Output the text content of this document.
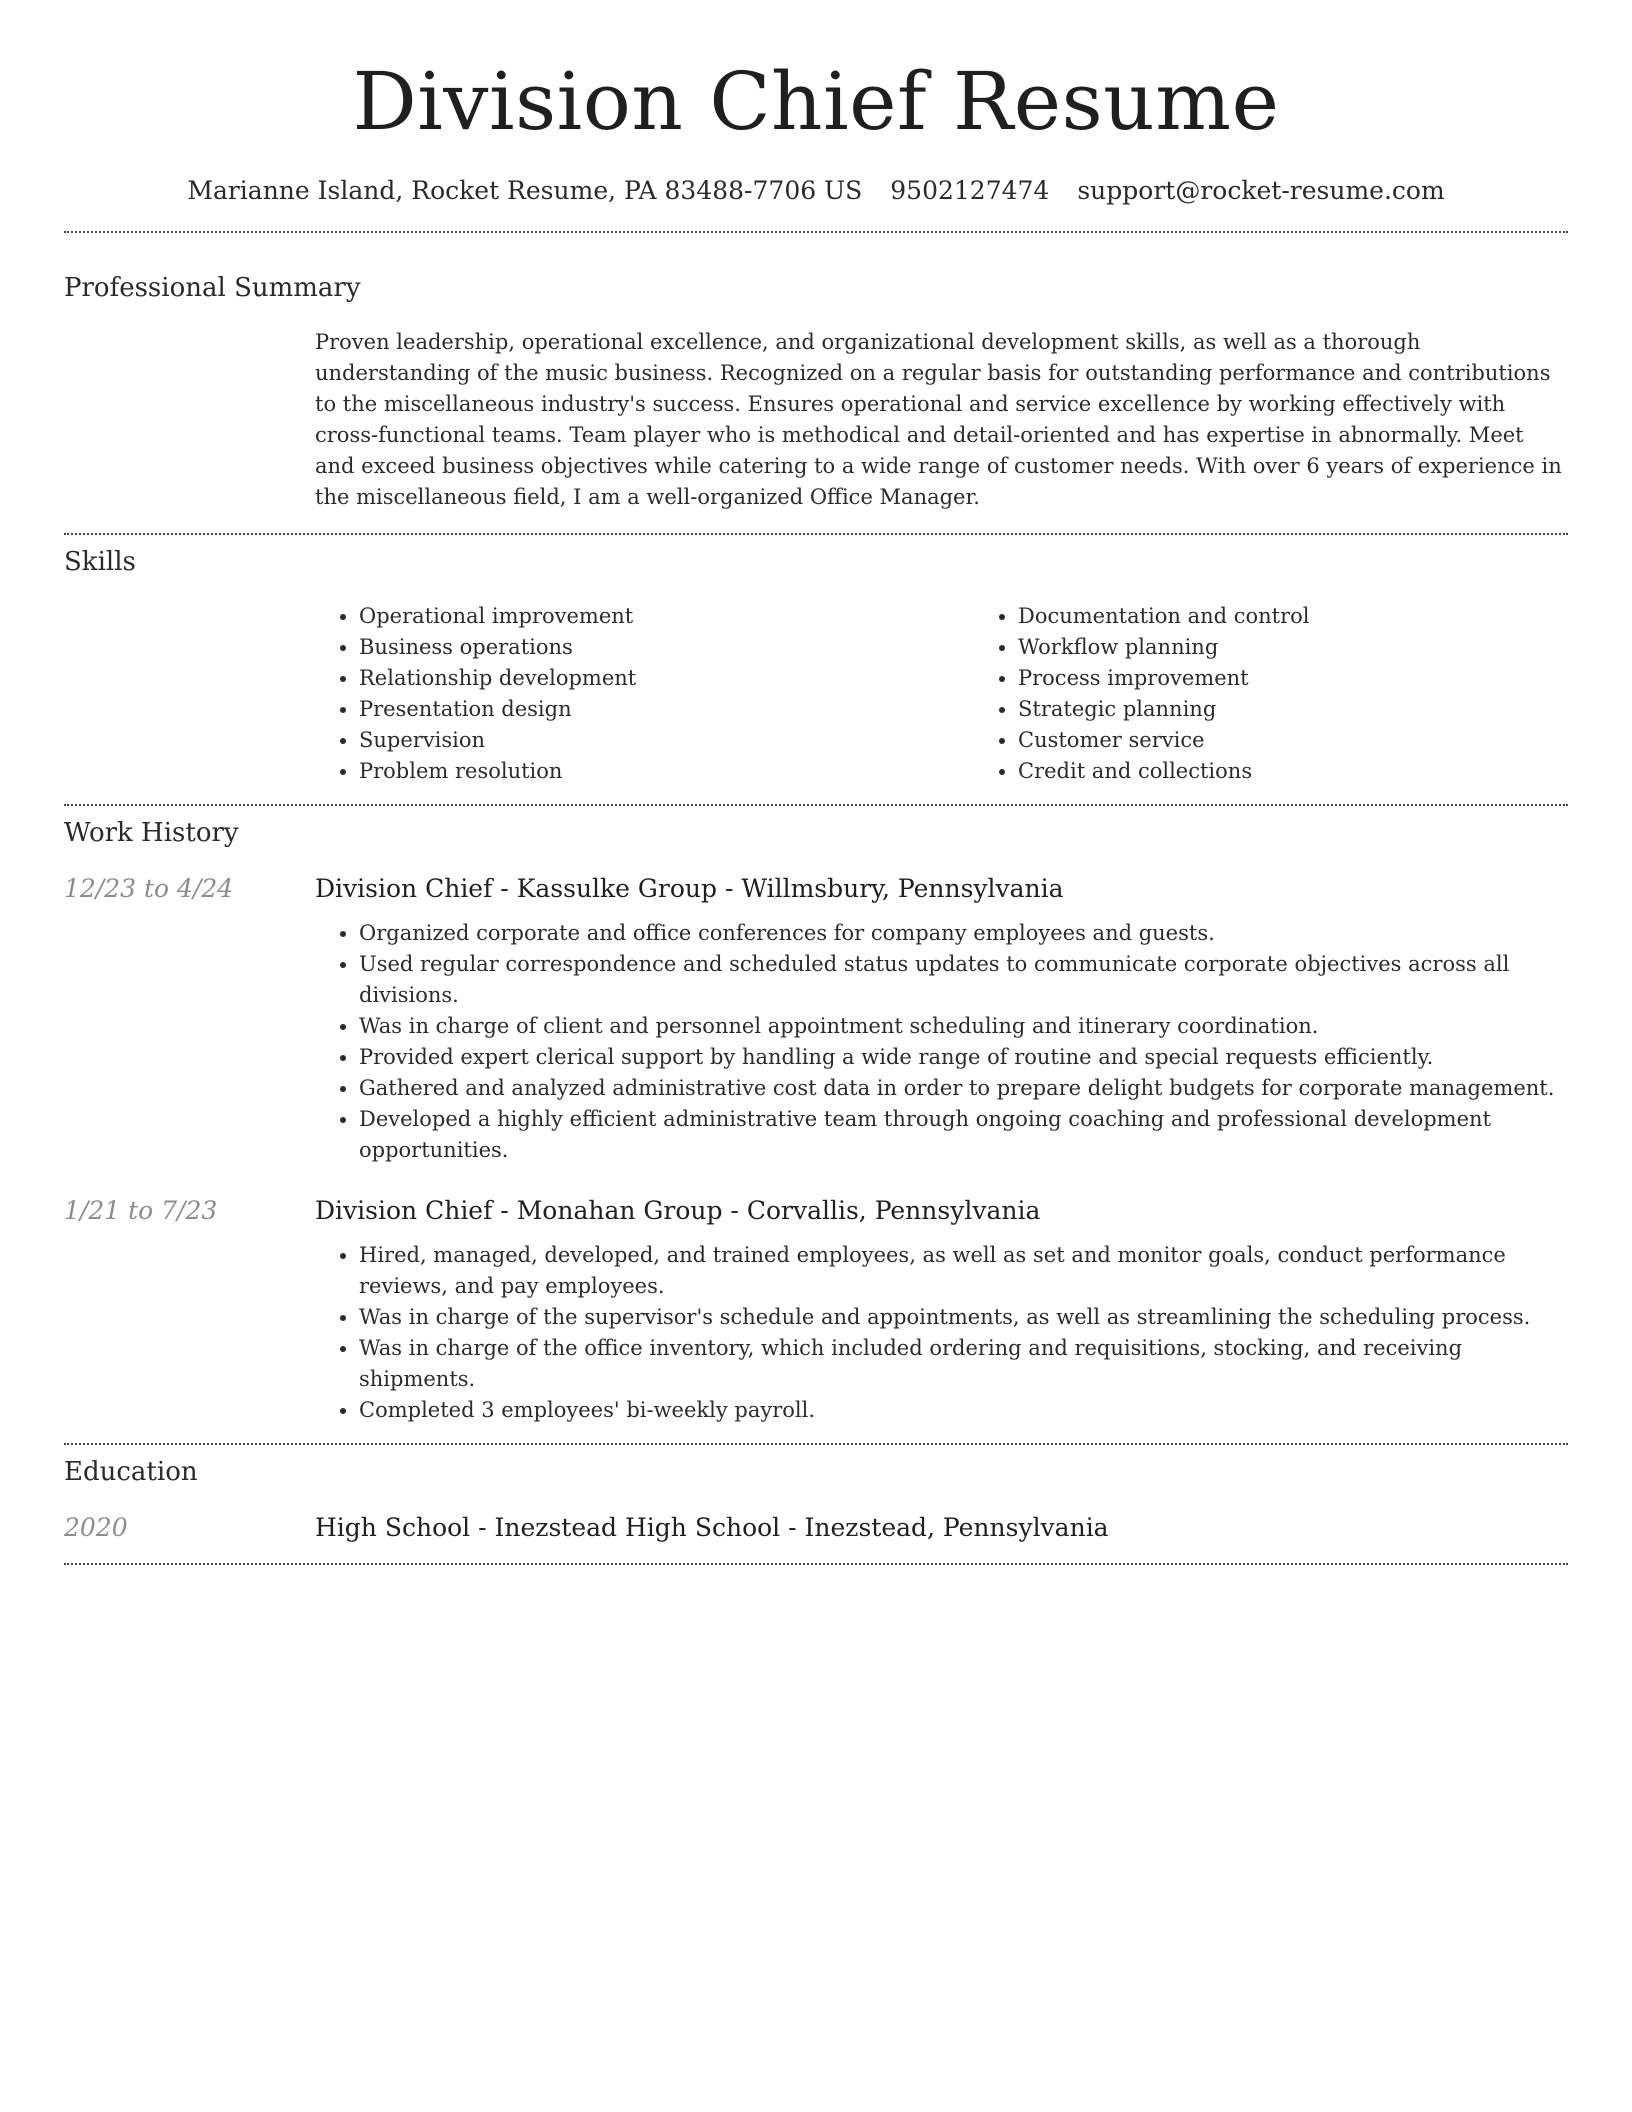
Division Chief Resume
Marianne Island, Rocket Resume, PA 83488-7706 US 9502127474 support@rocket-resume.com
Professional Summary

Proven leadership, operational excellence, and organizational development skills, as well as a thorough understanding of the music business. Recognized on a regular basis for outstanding performance and contributions to the miscellaneous industry's success. Ensures operational and service excellence by working effectively with cross-functional teams. Team player who is methodical and detail-oriented and has expertise in abnormally. Meet and exceed business objectives while catering to a wide range of customer needs. With over 6 years of experience in the miscellaneous field, I am a well-organized Office Manager.

Skills
• Operational improvement
• Business operations
• Relationship development
• Presentation design
• Supervision
• Problem resolution
• Documentation and control
• Workflow planning
• Process improvement
• Strategic planning
• Customer service
• Credit and collections
Work History
12/23 to 4/24	Division Chief - Kassulke Group - Willmsbury, Pennsylvania
• Organized corporate and office conferences for company employees and guests.
• Used regular correspondence and scheduled status updates to communicate corporate objectives across all divisions.
• Was in charge of client and personnel appointment scheduling and itinerary coordination.
• Provided expert clerical support by handling a wide range of routine and special requests efficiently.
• Gathered and analyzed administrative cost data in order to prepare delight budgets for corporate management.
• Developed a highly efficient administrative team through ongoing coaching and professional development opportunities.
1/21 to 7/23	Division Chief - Monahan Group - Corvallis, Pennsylvania
• Hired, managed, developed, and trained employees, as well as set and monitor goals, conduct performance reviews, and pay employees.
• Was in charge of the supervisor's schedule and appointments, as well as streamlining the scheduling process.
• Was in charge of the office inventory, which included ordering and requisitions, stocking, and receiving shipments.
• Completed 3 employees' bi-weekly payroll.
Education
2020	High School - Inezstead High School - Inezstead, Pennsylvania
